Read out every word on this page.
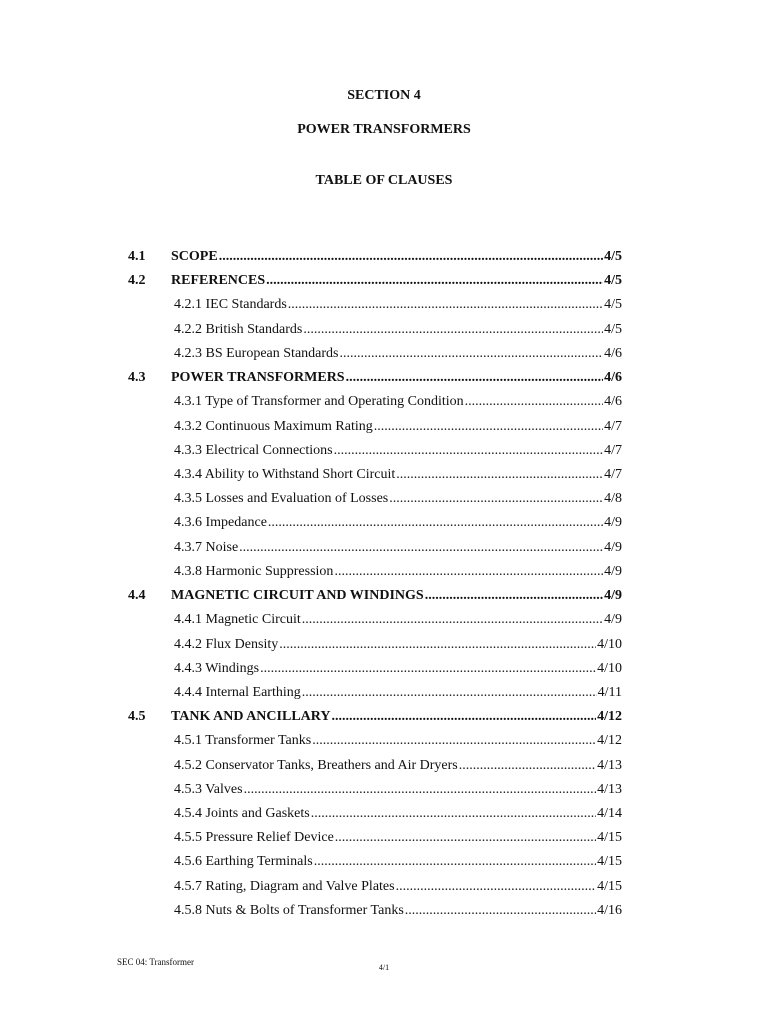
SECTION 4
POWER TRANSFORMERS
TABLE OF CLAUSES
4.1 SCOPE .....	4/5
4.2 REFERENCES .....	4/5
4.2.1 IEC Standards .....	4/5
4.2.2 British Standards .....	4/5
4.2.3 BS European Standards .....	4/6
4.3 POWER TRANSFORMERS .....	4/6
4.3.1 Type of Transformer and Operating Condition .....	4/6
4.3.2 Continuous Maximum Rating .....	4/7
4.3.3 Electrical Connections .....	4/7
4.3.4 Ability to Withstand Short Circuit .....	4/7
4.3.5 Losses and Evaluation of Losses .....	4/8
4.3.6 Impedance .....	4/9
4.3.7 Noise .....	4/9
4.3.8 Harmonic Suppression .....	4/9
4.4 MAGNETIC CIRCUIT AND WINDINGS .....	4/9
4.4.1 Magnetic Circuit .....	4/9
4.4.2 Flux Density .....	4/10
4.4.3 Windings .....	4/10
4.4.4 Internal Earthing .....	4/11
4.5 TANK AND ANCILLARY .....	4/12
4.5.1 Transformer Tanks .....	4/12
4.5.2 Conservator Tanks, Breathers and Air Dryers .....	4/13
4.5.3 Valves .....	4/13
4.5.4 Joints and Gaskets .....	4/14
4.5.5 Pressure Relief Device .....	4/15
4.5.6 Earthing Terminals .....	4/15
4.5.7 Rating, Diagram and Valve Plates .....	4/15
4.5.8 Nuts & Bolts of Transformer Tanks .....	4/16
SEC 04: Transformer
4/1
